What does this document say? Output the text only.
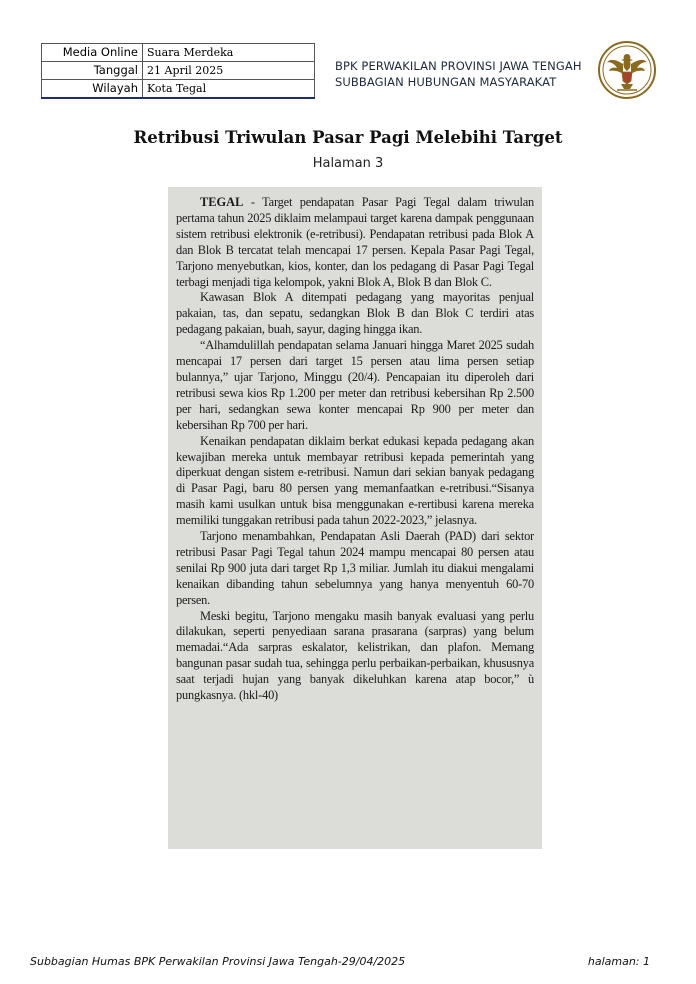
Media Online	Suara Merdeka
Tanggal	21 April 2025
Wilayah	Kota Tegal
BPK PERWAKILAN PROVINSI JAWA TENGAH
SUBBAGIAN HUBUNGAN MASYARAKAT
Retribusi Triwulan Pasar Pagi Melebihi Target
Halaman 3

TEGAL - Target pendapatan Pasar Pagi Tegal dalam triwulan pertama tahun 2025 diklaim melampaui target karena dampak penggunaan sistem retribusi elektronik (e-retribusi). Pendapatan retribusi pada Blok A dan Blok B tercatat telah mencapai 17 persen. Kepala Pasar Pagi Tegal, Tarjono menyebutkan, kios, konter, dan los pedagang di Pasar Pagi Tegal terbagi menjadi tiga kelompok, yakni Blok A, Blok B dan Blok C.

Kawasan Blok A ditempati pedagang yang mayoritas penjual pakaian, tas, dan sepatu, sedangkan Blok B dan Blok C terdiri atas pedagang pakaian, buah, sayur, daging hingga ikan.

“Alhamdulillah pendapatan selama Januari hingga Maret 2025 sudah mencapai 17 persen dari target 15 persen atau lima persen setiap bulannya,” ujar Tarjono, Minggu (20/4). Pencapaian itu diperoleh dari retribusi sewa kios Rp 1.200 per meter dan retribusi kebersihan Rp 2.500 per hari, sedangkan sewa konter mencapai Rp 900 per meter dan kebersihan Rp 700 per hari.

Kenaikan pendapatan diklaim berkat edukasi kepada pedagang akan kewajiban mereka untuk membayar retribusi kepada pemerintah yang diperkuat dengan sistem e-retribusi. Namun dari sekian banyak pedagang di Pasar Pagi, baru 80 persen yang memanfaatkan e-retribusi.“Sisanya masih kami usulkan untuk bisa menggunakan e-rertibusi karena mereka memiliki tunggakan retribusi pada tahun 2022-2023,” jelasnya.

Tarjono menambahkan, Pendapatan Asli Daerah (PAD) dari sektor retribusi Pasar Pagi Tegal tahun 2024 mampu mencapai 80 persen atau senilai Rp 900 juta dari target Rp 1,3 miliar. Jumlah itu diakui mengalami kenaikan dibanding tahun sebelumnya yang hanya menyentuh 60-70 persen.

Meski begitu, Tarjono mengaku masih banyak evaluasi yang perlu dilakukan, seperti penyediaan sarana prasarana (sarpras) yang belum memadai.“Ada sarpras eskalator, kelistrikan, dan plafon. Memang bangunan pasar sudah tua, sehingga perlu perbaikan-perbaikan, khususnya saat terjadi hujan yang banyak dikeluhkan karena atap bocor,” ù pungkasnya. (hkl-40)

Subbagian Humas BPK Perwakilan Provinsi Jawa Tengah-29/04/2025	halaman: 1
